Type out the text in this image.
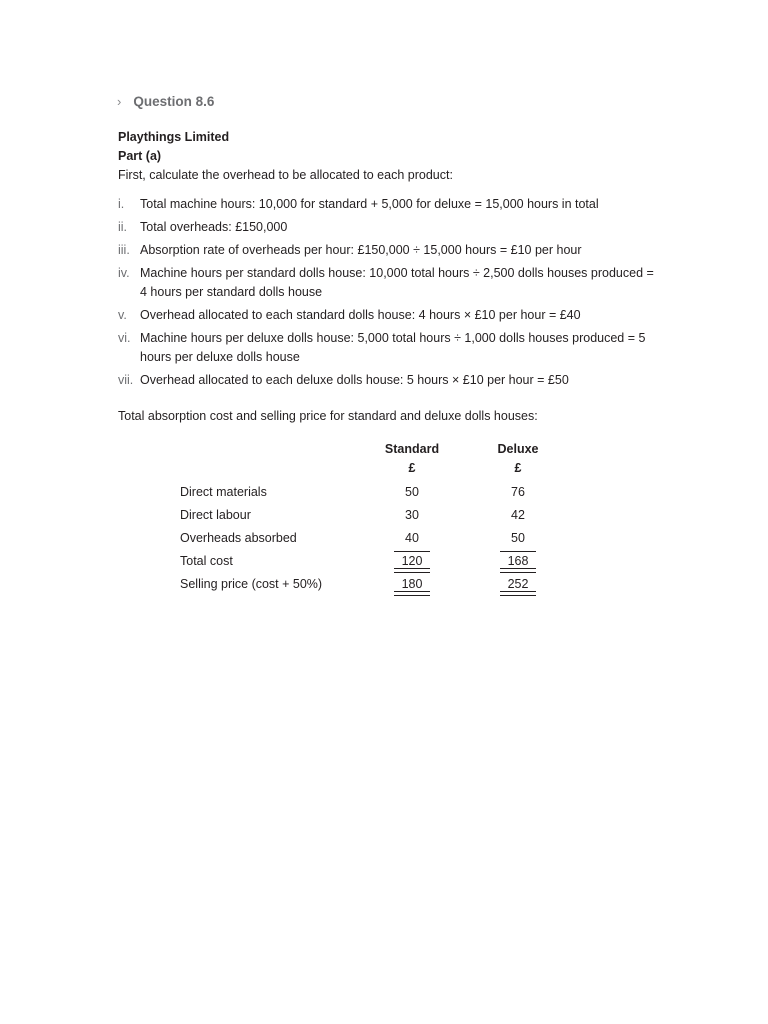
› Question 8.6
Playthings Limited
Part (a)
First, calculate the overhead to be allocated to each product:
i.	Total machine hours: 10,000 for standard + 5,000 for deluxe = 15,000 hours in total
ii.	Total overheads: £150,000
iii. Absorption rate of overheads per hour: £150,000 ÷ 15,000 hours = £10 per hour
iv. Machine hours per standard dolls house: 10,000 total hours ÷ 2,500 dolls houses produced = 4 hours per standard dolls house
v.	Overhead allocated to each standard dolls house: 4 hours × £10 per hour = £40
vi. Machine hours per deluxe dolls house: 5,000 total hours ÷ 1,000 dolls houses produced = 5 hours per deluxe dolls house
vii. Overhead allocated to each deluxe dolls house: 5 hours × £10 per hour = £50
Total absorption cost and selling price for standard and deluxe dolls houses:
Standard	Deluxe
£	£
Direct materials	50	76
Direct labour	30	42
Overheads absorbed	40	50
Total cost	120	168
Selling price (cost + 50%)	180	252
